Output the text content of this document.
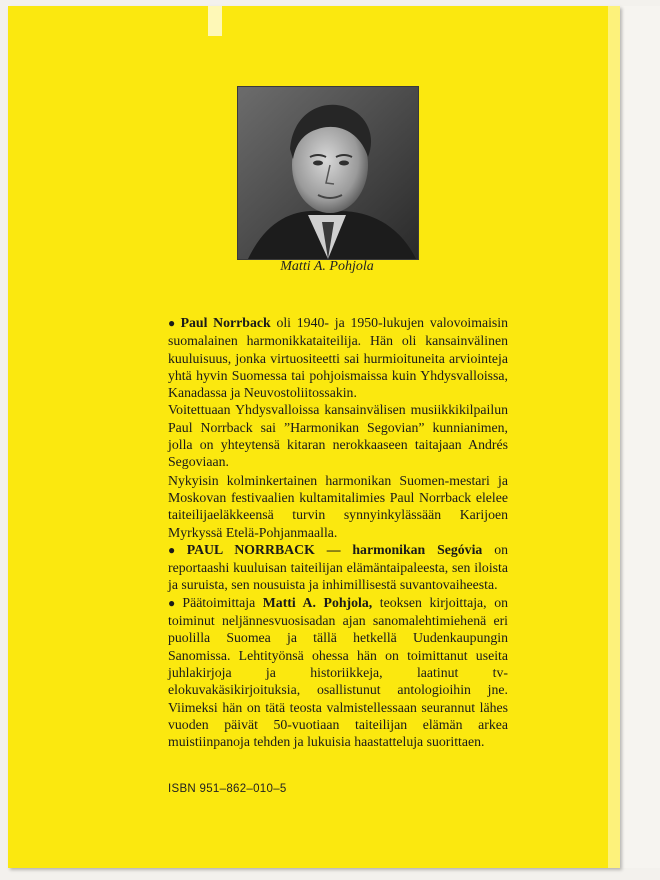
Matti A. Pohjola

● Paul Norrback oli 1940- ja 1950-lukujen valovoimaisin suomalainen harmonikkataiteilija. Hän oli kansainvälinen kuuluisuus, jonka virtuositeetti sai hurmioituneita arviointeja yhtä hyvin Suomessa tai pohjoismaissa kuin Yhdysvalloissa, Kanadassa ja Neuvostoliitossakin.

Voitettuaan Yhdysvalloissa kansainvälisen musiikkikilpailun Paul Norrback sai ”Harmonikan Segovian” kunnianimen, jolla on yhteytensä kitaran nerokkaaseen taitajaan Andrés Segoviaan.

Nykyisin kolminkertainen harmonikan Suomen-mestari ja Moskovan festivaalien kultamitalimies Paul Norrback elelee taiteilijaeläkkeensä turvin synnyinkylässään Karijoen Myrkyssä Etelä-Pohjanmaalla.

● PAUL NORRBACK — harmonikan Segóvia on reportaashi kuuluisan taiteilijan elämäntaipaleesta, sen iloista ja suruista, sen nousuista ja inhimillisestä suvantovaiheesta.

● Päätoimittaja Matti A. Pohjola, teoksen kirjoittaja, on toiminut neljännesvuosisadan ajan sanomalehtimiehenä eri puolilla Suomea ja tällä hetkellä Uudenkaupungin Sanomissa. Lehtityönsä ohessa hän on toimittanut useita juhlakirjoja ja historiikkeja, laatinut tv-elokuvakäsikirjoituksia, osallistunut antologioihin jne. Viimeksi hän on tätä teosta valmistellessaan seurannut lähes vuoden päivät 50-vuotiaan taiteilijan elämän arkea muistiinpanoja tehden ja lukuisia haastatteluja suorittaen.

ISBN 951–862–010–5
